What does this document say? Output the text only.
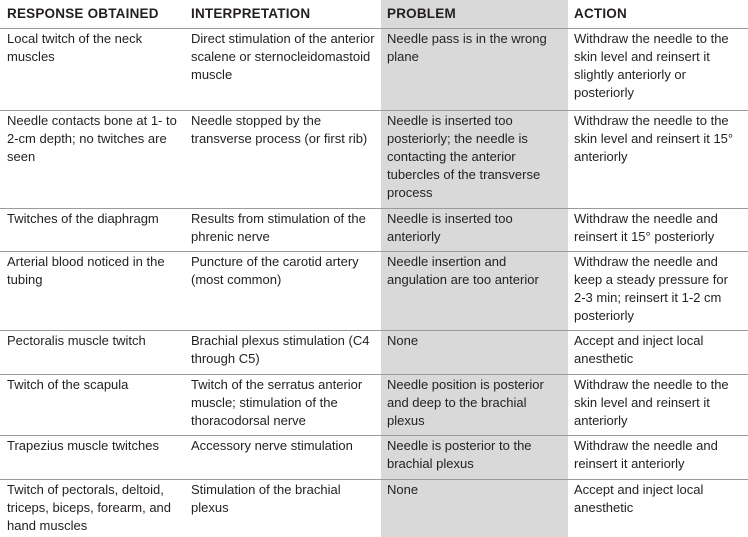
RESPONSE OBTAINED	INTERPRETATION	PROBLEM	ACTION
Local twitch of the neck muscles	Direct stimulation of the anterior scalene or sternocleidomastoid muscle	Needle pass is in the wrong plane	Withdraw the needle to the skin level and reinsert it slightly anteriorly or posteriorly
Needle contacts bone at 1- to 2-cm depth; no twitches are seen	Needle stopped by the transverse process (or first rib)	Needle is inserted too posteriorly; the needle is contacting the anterior tubercles of the transverse process	Withdraw the needle to the skin level and reinsert it 15° anteriorly
Twitches of the diaphragm	Results from stimulation of the phrenic nerve	Needle is inserted too anteriorly	Withdraw the needle and reinsert it 15° posteriorly
Arterial blood noticed in the tubing	Puncture of the carotid artery (most common)	Needle insertion and angulation are too anterior	Withdraw the needle and keep a steady pressure for 2-3 min; reinsert it 1-2 cm posteriorly
Pectoralis muscle twitch	Brachial plexus stimulation (C4 through C5)	None	Accept and inject local anesthetic
Twitch of the scapula	Twitch of the serratus anterior muscle; stimulation of the thoracodorsal nerve	Needle position is posterior and deep to the brachial plexus	Withdraw the needle to the skin level and reinsert it anteriorly
Trapezius muscle twitches	Accessory nerve stimulation	Needle is posterior to the brachial plexus	Withdraw the needle and reinsert it anteriorly
Twitch of pectorals, deltoid, triceps, biceps, forearm, and hand muscles	Stimulation of the brachial plexus	None	Accept and inject local anesthetic
